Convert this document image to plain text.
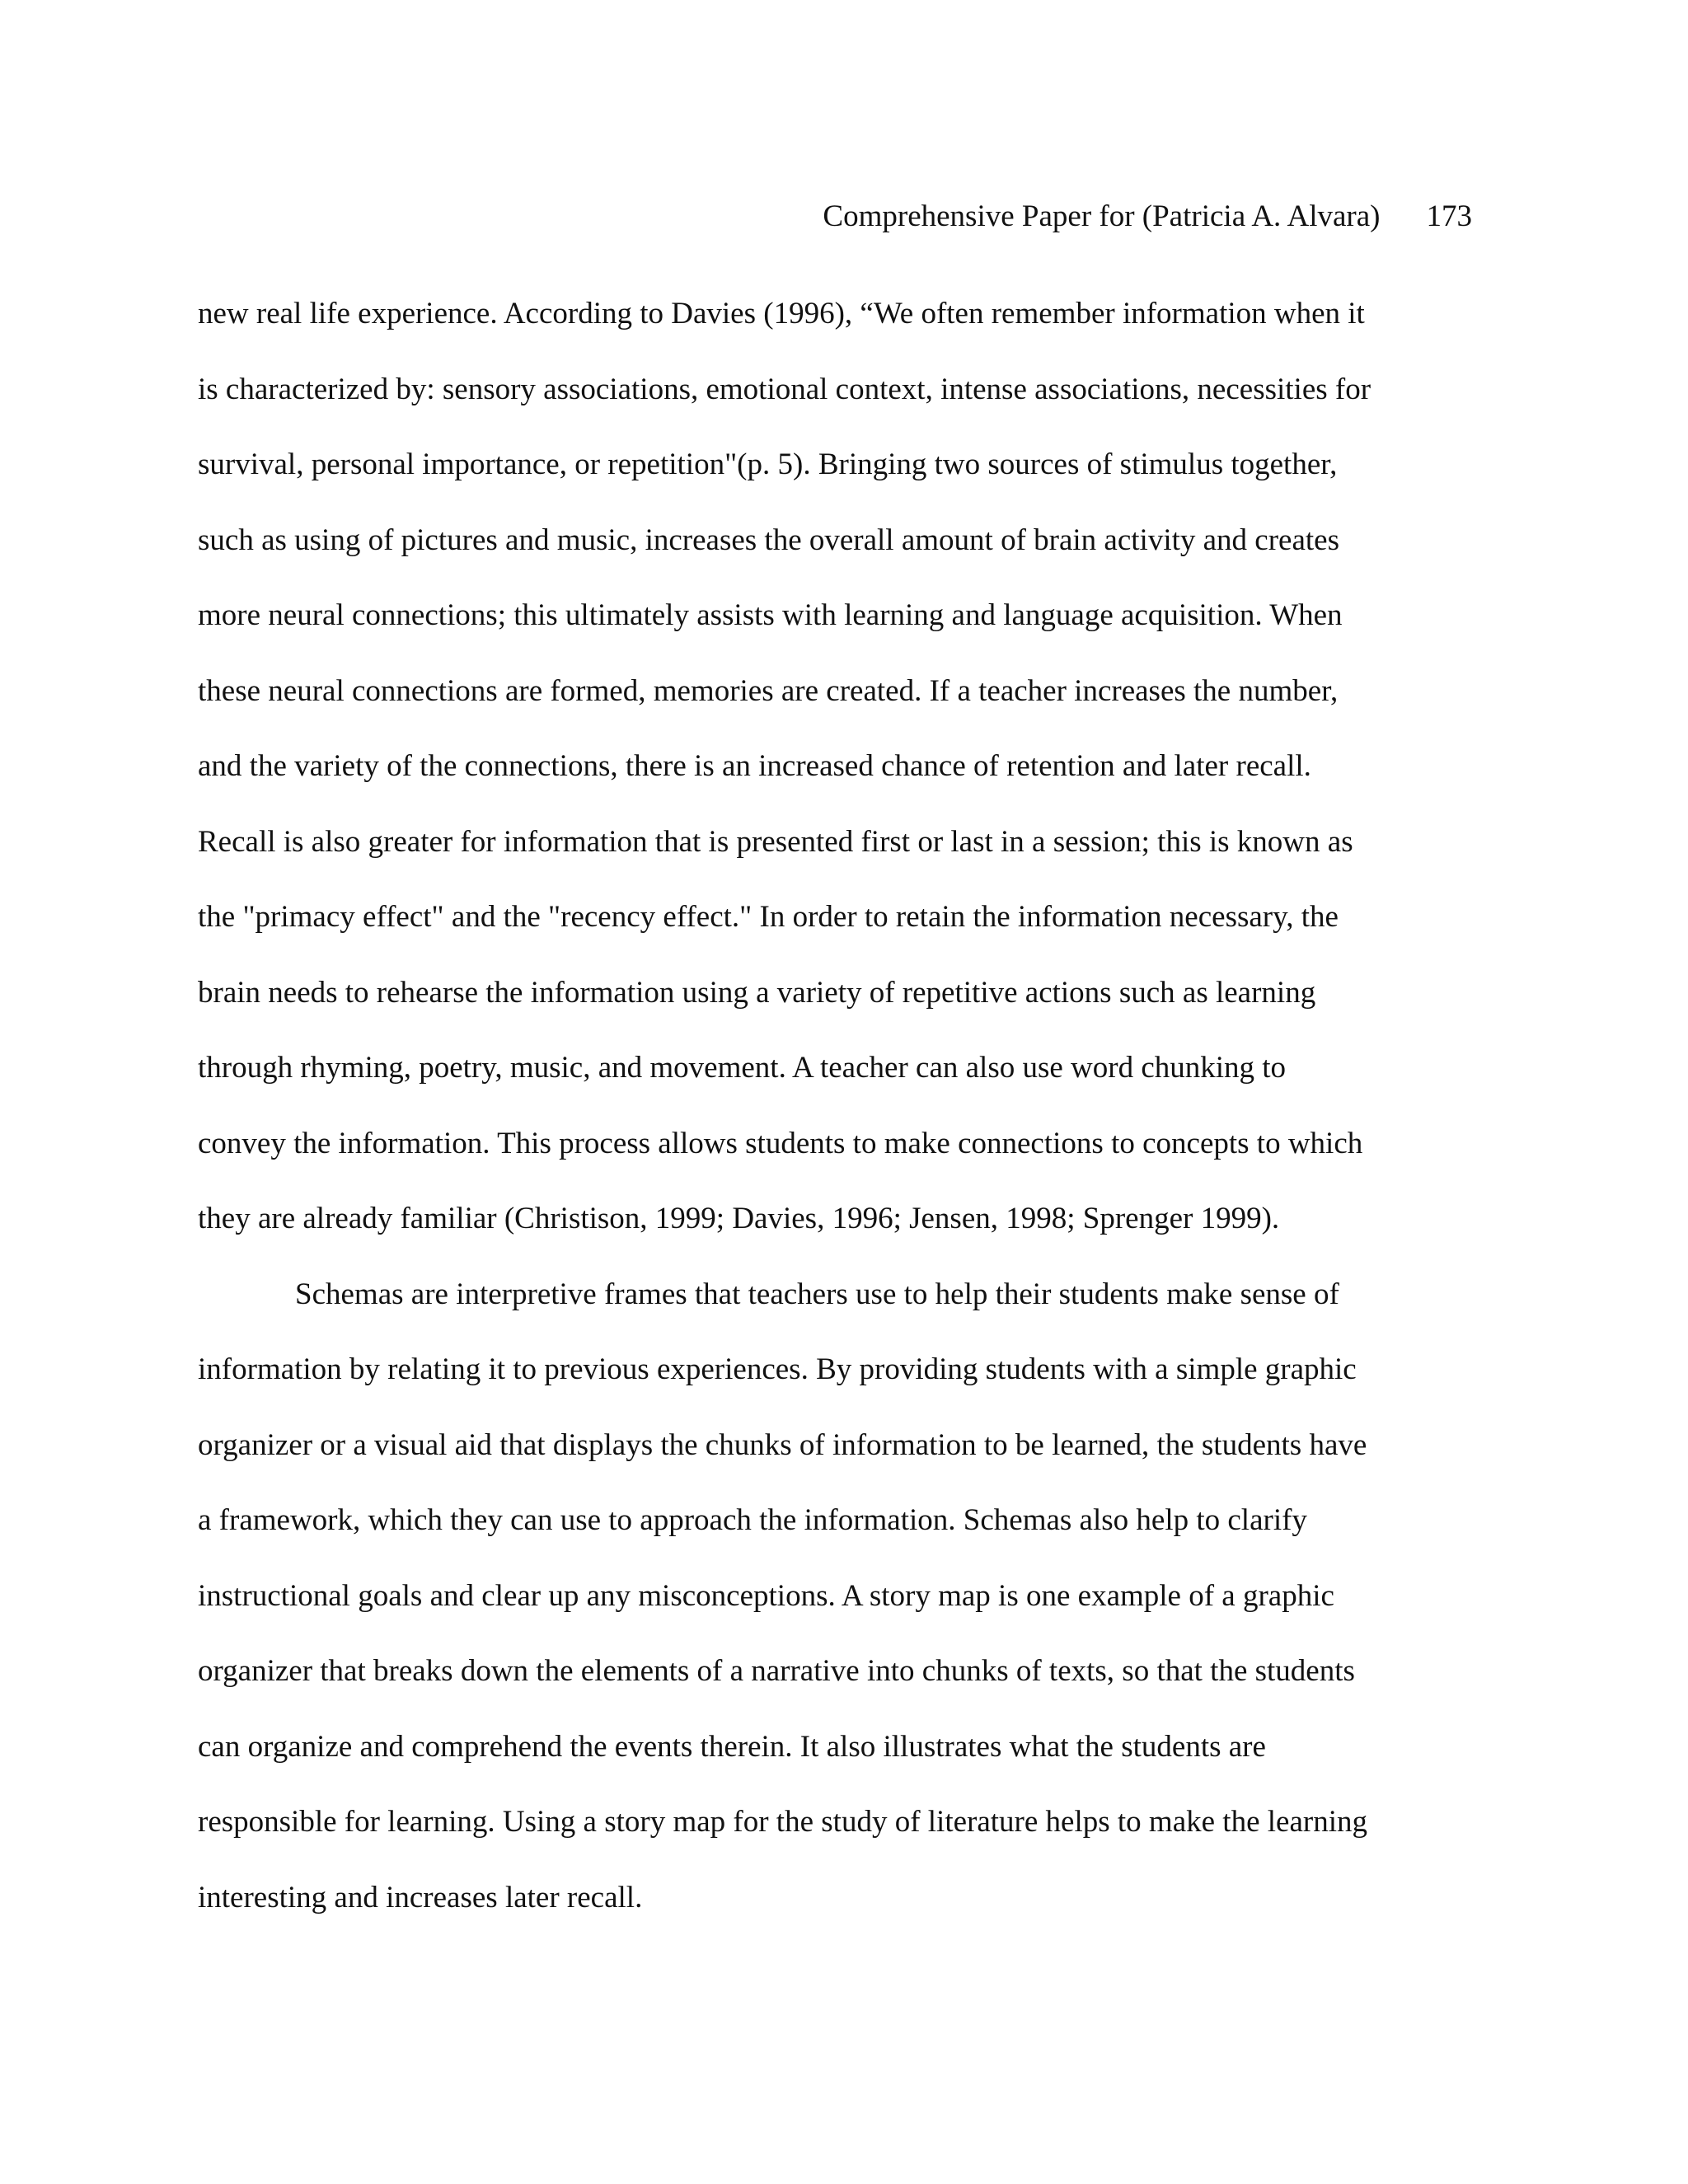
Comprehensive Paper for (Patricia A. Alvara) 173
new real life experience. According to Davies (1996), “We often remember information when it
is characterized by: sensory associations, emotional context, intense associations, necessities for
survival, personal importance, or repetition"(p. 5). Bringing two sources of stimulus together,
such as using of pictures and music, increases the overall amount of brain activity and creates
more neural connections; this ultimately assists with learning and language acquisition. When
these neural connections are formed, memories are created. If a teacher increases the number,
and the variety of the connections, there is an increased chance of retention and later recall.
Recall is also greater for information that is presented first or last in a session; this is known as
the "primacy effect" and the "recency effect." In order to retain the information necessary, the
brain needs to rehearse the information using a variety of repetitive actions such as learning
through rhyming, poetry, music, and movement. A teacher can also use word chunking to
convey the information. This process allows students to make connections to concepts to which
they are already familiar (Christison, 1999; Davies, 1996; Jensen, 1998; Sprenger 1999).
Schemas are interpretive frames that teachers use to help their students make sense of
information by relating it to previous experiences. By providing students with a simple graphic
organizer or a visual aid that displays the chunks of information to be learned, the students have
a framework, which they can use to approach the information. Schemas also help to clarify
instructional goals and clear up any misconceptions. A story map is one example of a graphic
organizer that breaks down the elements of a narrative into chunks of texts, so that the students
can organize and comprehend the events therein. It also illustrates what the students are
responsible for learning. Using a story map for the study of literature helps to make the learning
interesting and increases later recall.
